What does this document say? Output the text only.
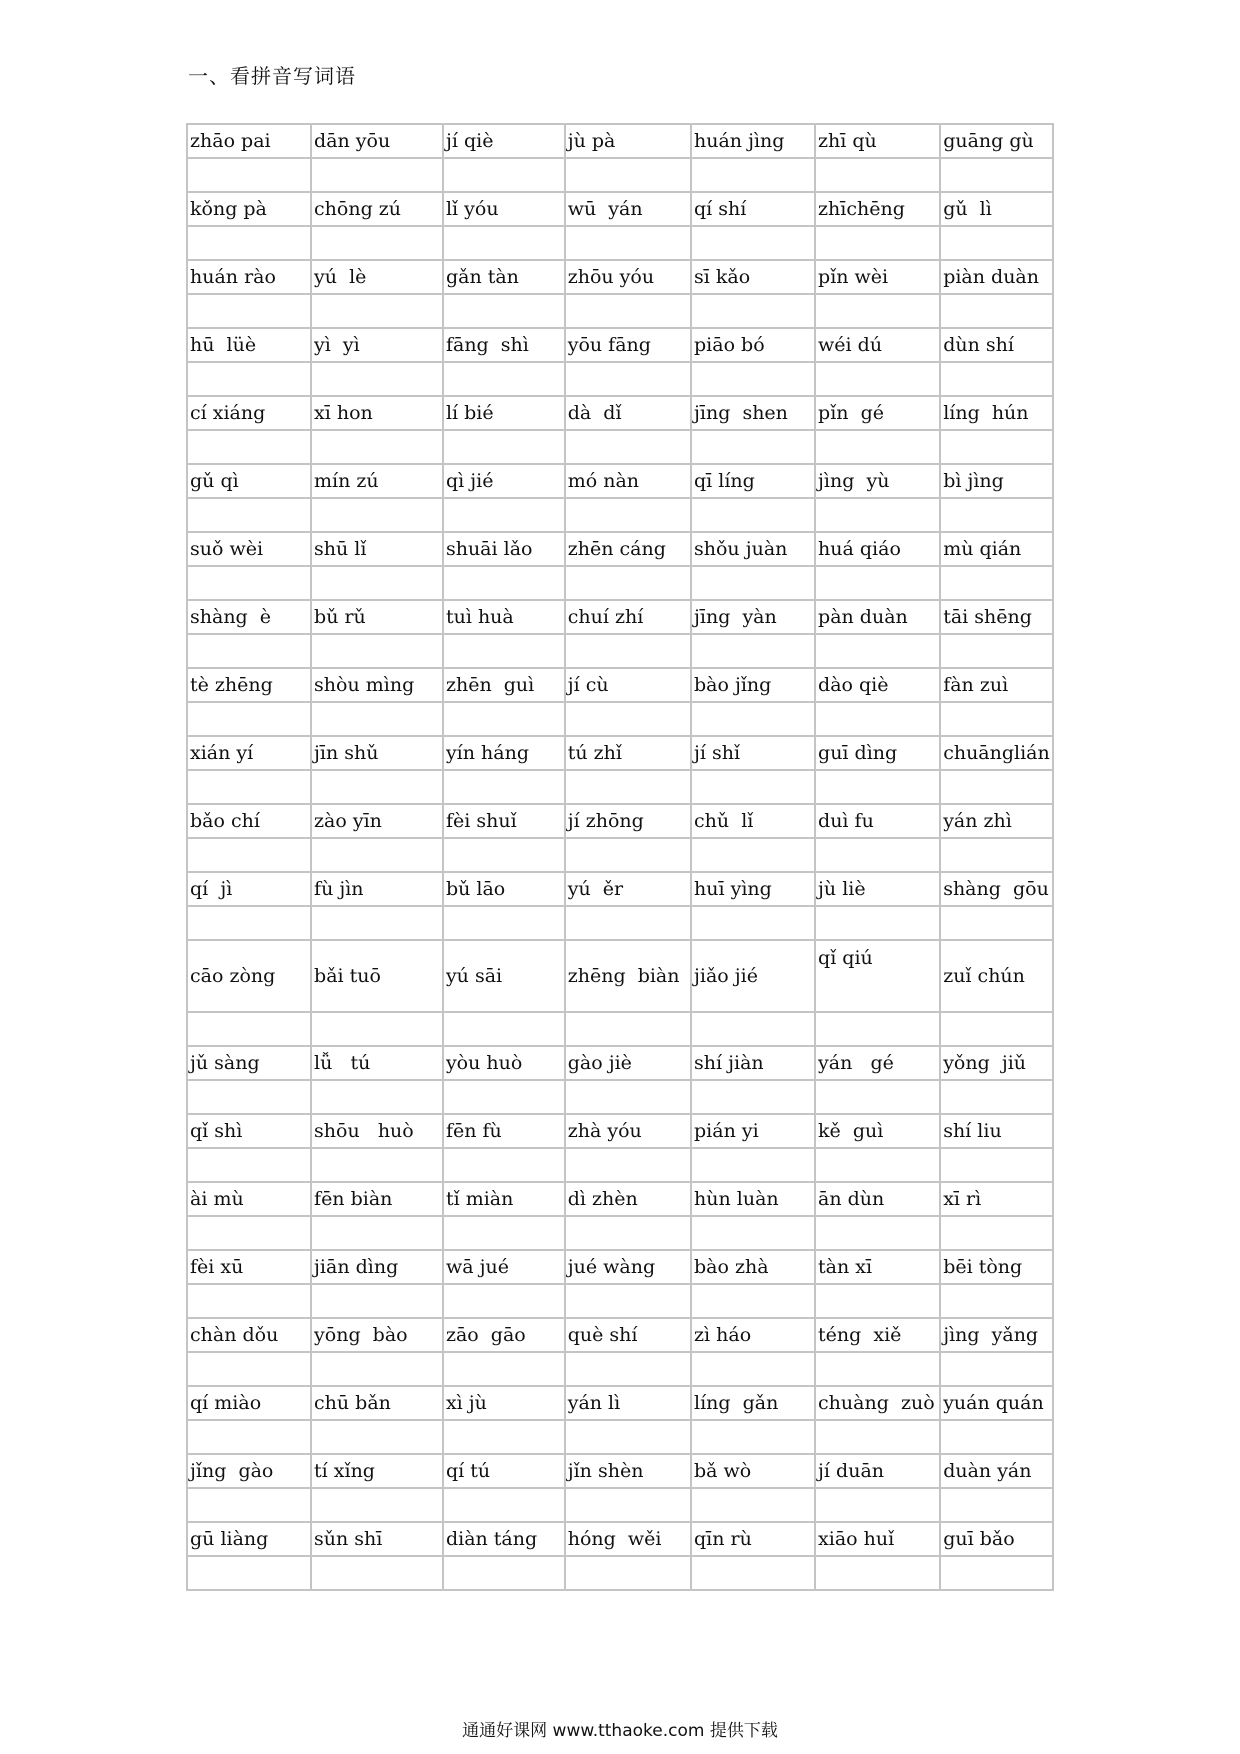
一、看拼音写词语
zhāo pai	dān yōu	jí qiè	jù pà	huán jìng	zhī qù	guāng gù

kǒng pà	chōng zú	lǐ yóu	wū  yán	qí shí	zhīchēng	gǔ  lì

huán rào	yú  lè	gǎn tàn	zhōu yóu	sī kǎo	pǐn wèi	piàn duàn

hū  lüè	yì  yì	fāng  shì	yōu fāng	piāo bó	wéi dú	dùn shí

cí xiáng	xī hon	lí bié	dà  dǐ	jīng  shen	pǐn  gé	líng  hún

gǔ qì	mín zú	qì jié	mó nàn	qī líng	jìng  yù	bì jìng

suǒ wèi	shū lǐ	shuāi lǎo	zhēn cáng	shǒu juàn	huá qiáo	mù qián

shàng  è	bǔ rǔ	tuì huà	chuí zhí	jīng  yàn	pàn duàn	tāi shēng

tè zhēng	shòu mìng	zhēn  guì	jí cù	bào jǐng	dào qiè	fàn zuì

xián yí	jīn shǔ	yín háng	tú zhǐ	jí shǐ	guī dìng	chuānglián

bǎo chí	zào yīn	fèi shuǐ	jí zhōng	chǔ  lǐ	duì fu	yán zhì

qí  jì	fù jìn	bǔ lāo	yú  ěr	huī yìng	jù liè	shàng  gōu

cāo zòng	bǎi tuō	yú sāi	zhēng  biàn	jiǎo jié	qǐ qiú	zuǐ chún

jǔ sàng	lǚ   tú	yòu huò	gào jiè	shí jiàn	yán   gé	yǒng  jiǔ

qǐ shì	shōu   huò	fēn fù	zhà yóu	pián yi	kě  guì	shí liu

ài mù	fēn biàn	tǐ miàn	dì zhèn	hùn luàn	ān dùn	xī rì

fèi xū	jiān dìng	wā jué	jué wàng	bào zhà	tàn xī	bēi tòng

chàn dǒu	yōng  bào	zāo  gāo	què shí	zì háo	téng  xiě	jìng  yǎng

qí miào	chū bǎn	xì jù	yán lì	líng  gǎn	chuàng  zuò	yuán quán

jǐng  gào	tí xǐng	qí tú	jǐn shèn	bǎ wò	jí duān	duàn yán

gū liàng	sǔn shī	diàn táng	hóng  wěi	qīn rù	xiāo huǐ	guī bǎo

通通好课网 www.tthaoke.com 提供下载
